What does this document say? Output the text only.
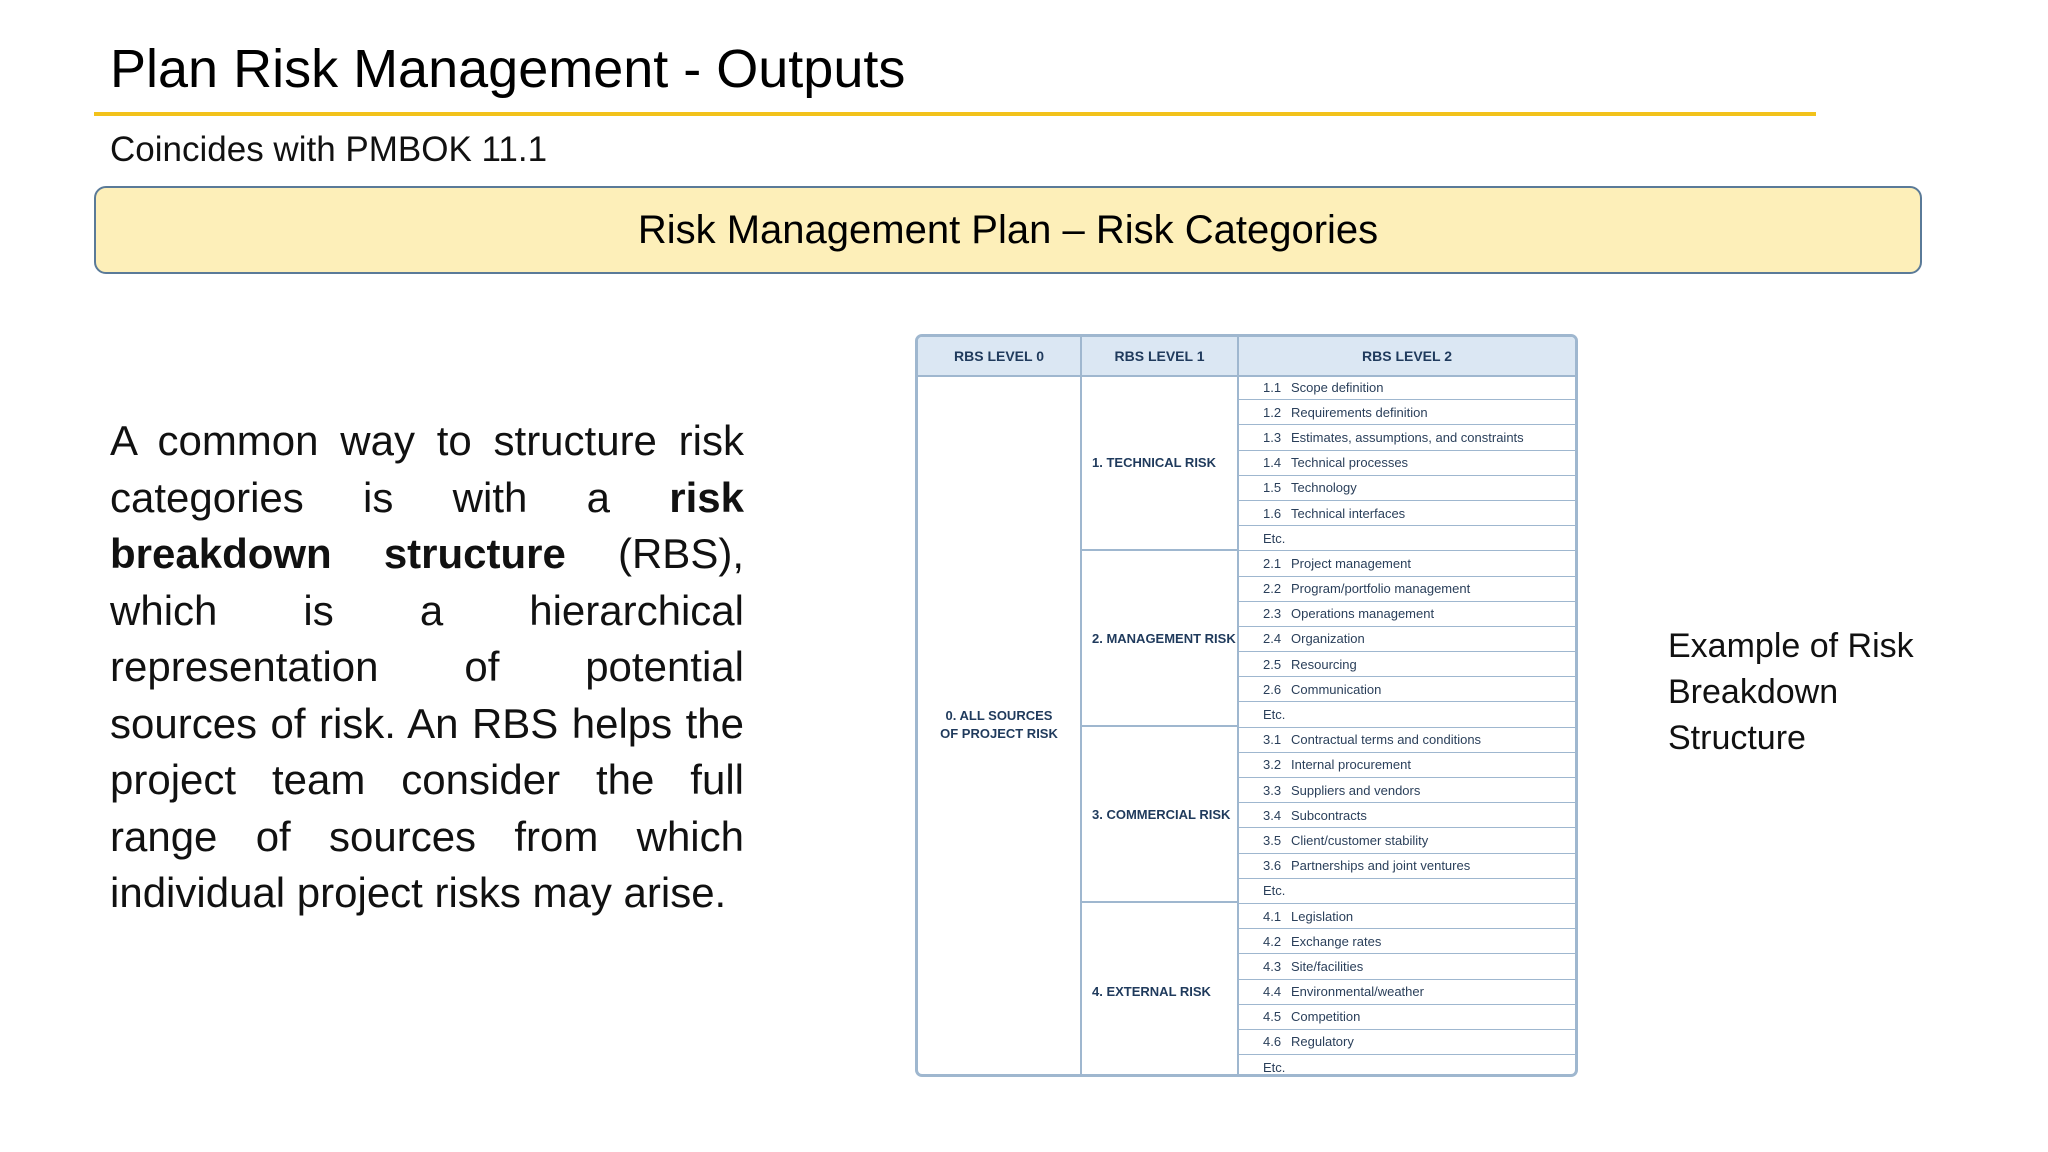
Plan Risk Management - Outputs
Coincides with PMBOK 11.1
Risk Management Plan – Risk Categories
A common way to structure risk categories is with a risk breakdown structure (RBS), which is a hierarchical representation of potential sources of risk. An RBS helps the project team consider the full range of sources from which individual project risks may arise.
RBS LEVEL 0	RBS LEVEL 1	RBS LEVEL 2
0. ALL SOURCES OF PROJECT RISK
1. TECHNICAL RISK
2. MANAGEMENT RISK
3. COMMERCIAL RISK
4. EXTERNAL RISK
1.1 Scope definition
1.2 Requirements definition
1.3 Estimates, assumptions, and constraints
1.4 Technical processes
1.5 Technology
1.6 Technical interfaces
Etc.
2.1 Project management
2.2 Program/portfolio management
2.3 Operations management
2.4 Organization
2.5 Resourcing
2.6 Communication
Etc.
3.1 Contractual terms and conditions
3.2 Internal procurement
3.3 Suppliers and vendors
3.4 Subcontracts
3.5 Client/customer stability
3.6 Partnerships and joint ventures
Etc.
4.1 Legislation
4.2 Exchange rates
4.3 Site/facilities
4.4 Environmental/weather
4.5 Competition
4.6 Regulatory
Etc.
Example of Risk Breakdown Structure
